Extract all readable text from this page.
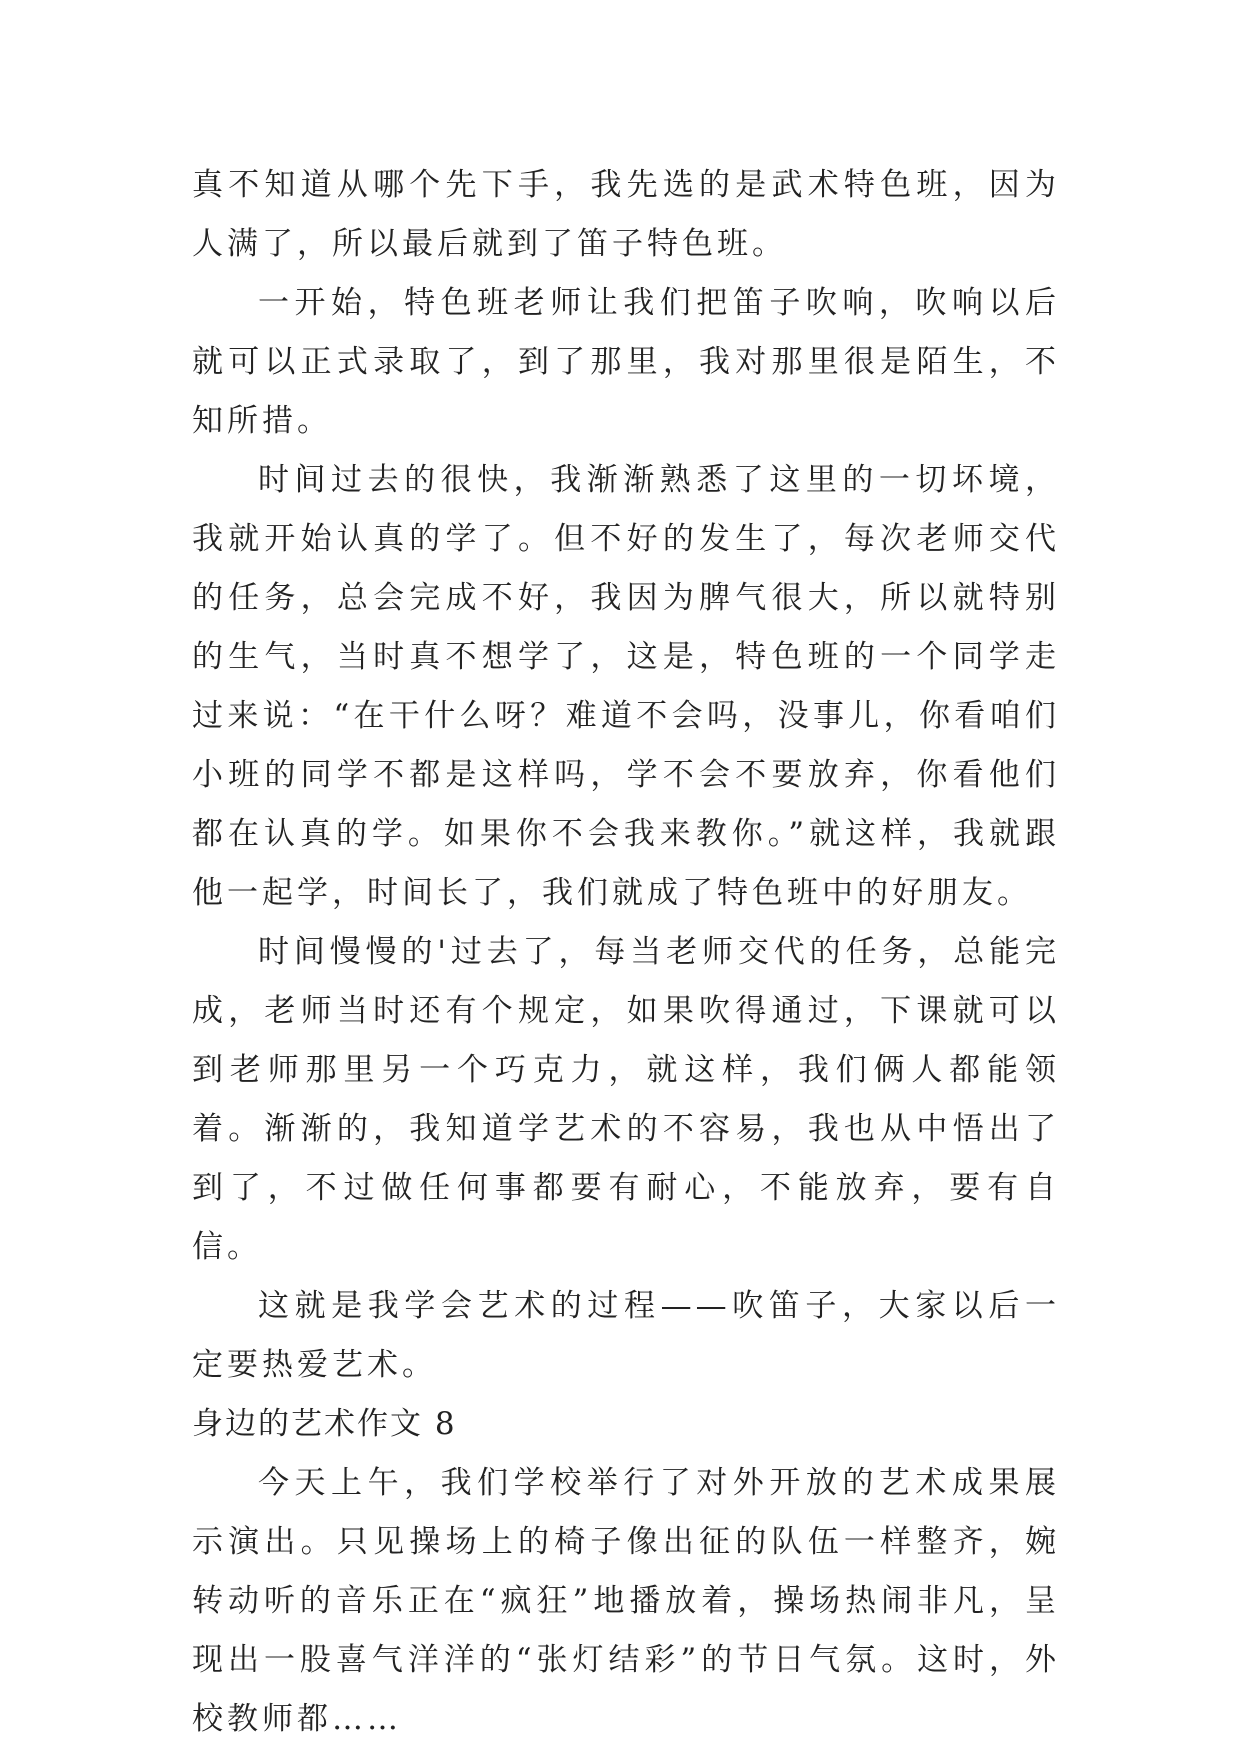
真不知道从哪个先下手，我先选的是武术特色班，因为人满了，所以最后就到了笛子特色班。

一开始，特色班老师让我们把笛子吹响，吹响以后就可以正式录取了，到了那里，我对那里很是陌生，不知所措。

时间过去的很快，我渐渐熟悉了这里的一切坏境，我就开始认真的学了。但不好的发生了，每次老师交代的任务，总会完成不好，我因为脾气很大，所以就特别的生气，当时真不想学了，这是，特色班的一个同学走过来说：“在干什么呀？难道不会吗，没事儿，你看咱们小班的同学不都是这样吗，学不会不要放弃，你看他们都在认真的学。如果你不会我来教你。”就这样，我就跟他一起学，时间长了，我们就成了特色班中的好朋友。

时间慢慢的'过去了，每当老师交代的任务，总能完成，老师当时还有个规定，如果吹得通过，下课就可以到老师那里另一个巧克力，就这样，我们俩人都能领着。渐渐的，我知道学艺术的不容易，我也从中悟出了到了，不过做任何事都要有耐心，不能放弃，要有自信。

这就是我学会艺术的过程——吹笛子，大家以后一定要热爱艺术。

身边的艺术作文 8

今天上午，我们学校举行了对外开放的艺术成果展示演出。只见操场上的椅子像出征的队伍一样整齐，婉转动听的音乐正在“疯狂”地播放着，操场热闹非凡，呈现出一股喜气洋洋的“张灯结彩”的节日气氛。这时，外校教师都……
